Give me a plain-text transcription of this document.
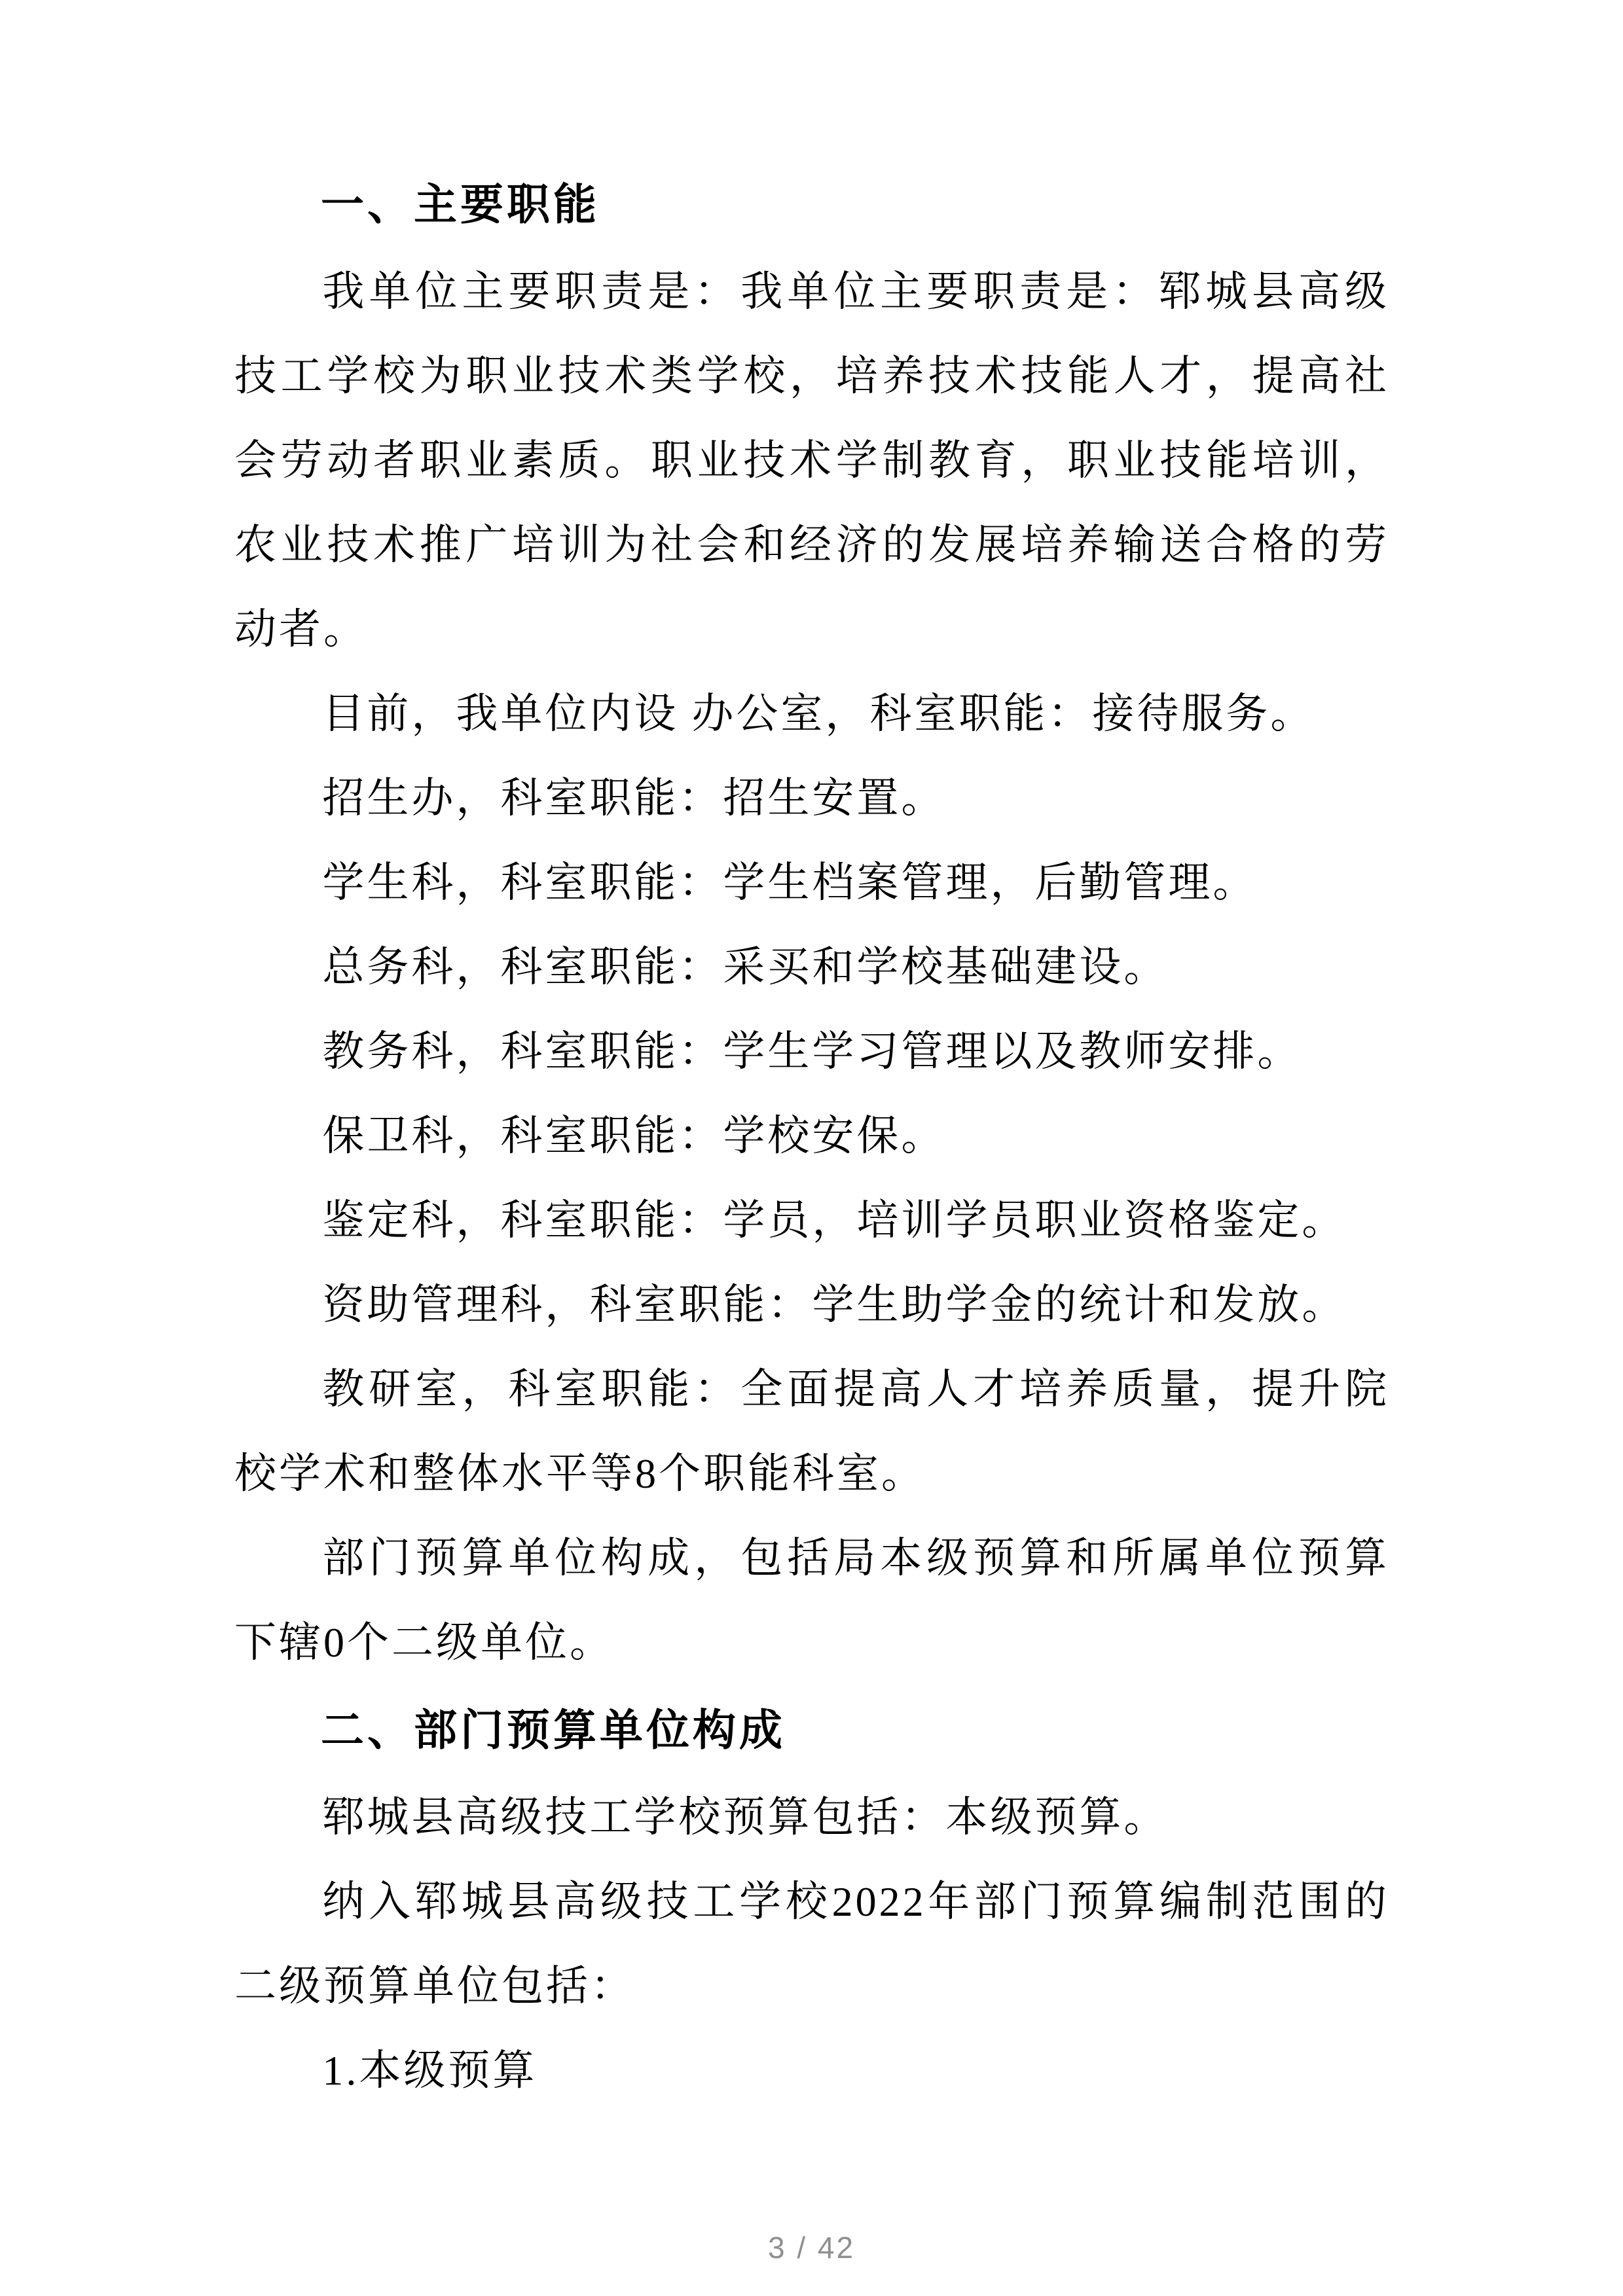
一、主要职能

我单位主要职责是：我单位主要职责是：郓城县高级技工学校为职业技术类学校，培养技术技能人才，提高社会劳动者职业素质。职业技术学制教育，职业技能培训，农业技术推广培训为社会和经济的发展培养输送合格的劳动者。

目前，我单位内设 办公室，科室职能：接待服务。

招生办，科室职能：招生安置。

学生科，科室职能：学生档案管理，后勤管理。

总务科，科室职能：采买和学校基础建设。

教务科，科室职能：学生学习管理以及教师安排。

保卫科，科室职能：学校安保。

鉴定科，科室职能：学员，培训学员职业资格鉴定。

资助管理科，科室职能：学生助学金的统计和发放。

教研室，科室职能：全面提高人才培养质量，提升院校学术和整体水平等8个职能科室。

部门预算单位构成，包括局本级预算和所属单位预算下辖0个二级单位。

二、部门预算单位构成

郓城县高级技工学校预算包括：本级预算。

纳入郓城县高级技工学校2022年部门预算编制范围的二级预算单位包括：

1.本级预算

3 / 42
